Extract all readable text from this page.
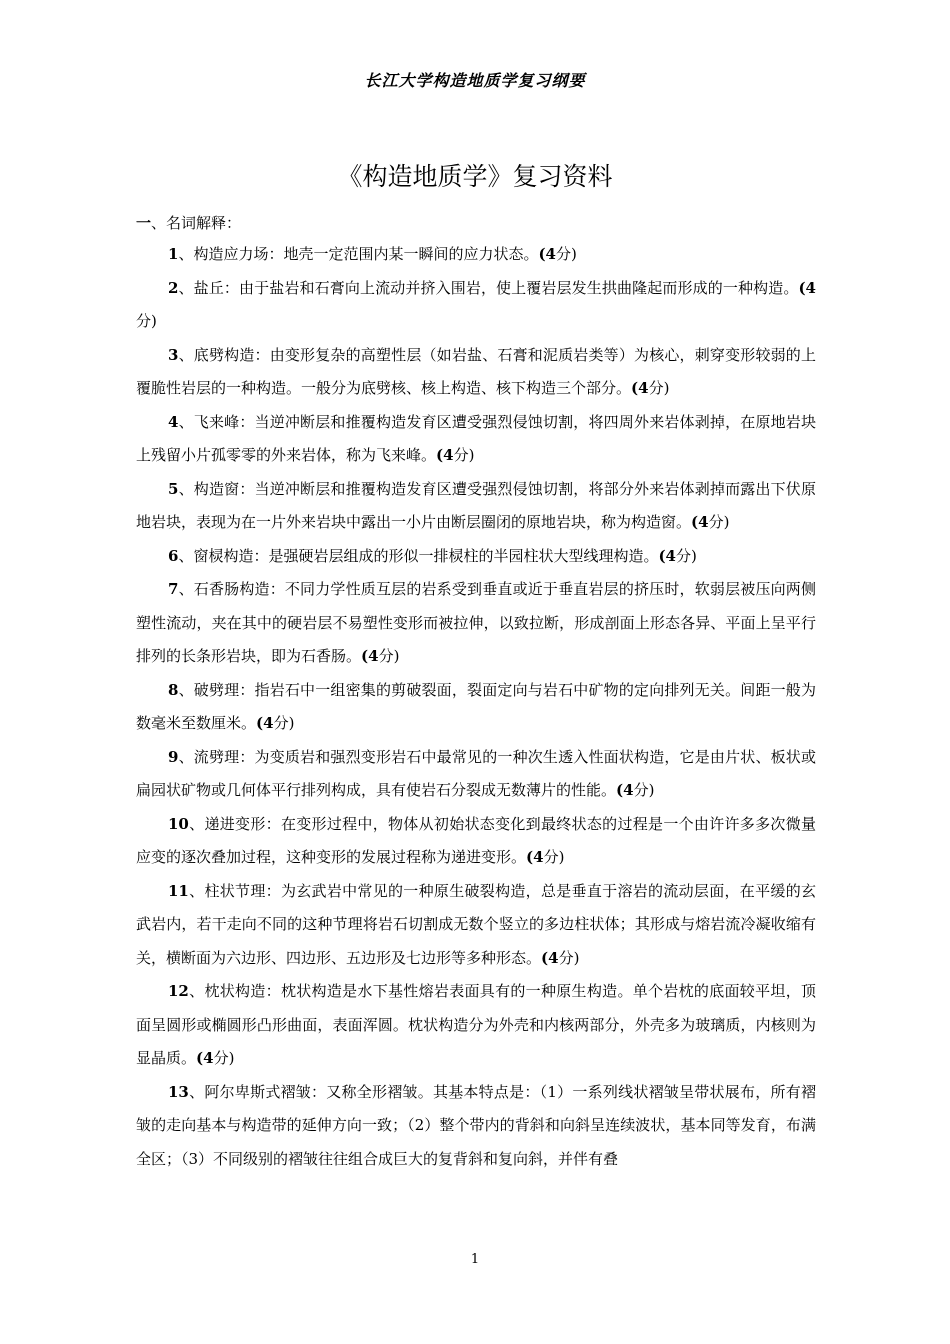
长江大学构造地质学复习纲要
《构造地质学》复习资料
一、名词解释：

1、构造应力场：地壳一定范围内某一瞬间的应力状态。(4分)

2、盐丘：由于盐岩和石膏向上流动并挤入围岩，使上覆岩层发生拱曲隆起而形成的一种构造。(4分)

3、底劈构造：由变形复杂的高塑性层（如岩盐、石膏和泥质岩类等）为核心，刺穿变形较弱的上覆脆性岩层的一种构造。一般分为底劈核、核上构造、核下构造三个部分。(4分)

4、飞来峰：当逆冲断层和推覆构造发育区遭受强烈侵蚀切割，将四周外来岩体剥掉，在原地岩块上残留小片孤零零的外来岩体，称为飞来峰。(4分)

5、构造窗：当逆冲断层和推覆构造发育区遭受强烈侵蚀切割，将部分外来岩体剥掉而露出下伏原地岩块，表现为在一片外来岩块中露出一小片由断层圈闭的原地岩块，称为构造窗。(4分)

6、窗棂构造：是强硬岩层组成的形似一排棂柱的半园柱状大型线理构造。(4分)

7、石香肠构造：不同力学性质互层的岩系受到垂直或近于垂直岩层的挤压时，软弱层被压向两侧塑性流动，夹在其中的硬岩层不易塑性变形而被拉伸，以致拉断，形成剖面上形态各异、平面上呈平行排列的长条形岩块，即为石香肠。(4分)

8、破劈理：指岩石中一组密集的剪破裂面，裂面定向与岩石中矿物的定向排列无关。间距一般为数毫米至数厘米。(4分)

9、流劈理：为变质岩和强烈变形岩石中最常见的一种次生透入性面状构造，它是由片状、板状或扁园状矿物或几何体平行排列构成，具有使岩石分裂成无数薄片的性能。(4分)

10、递进变形：在变形过程中，物体从初始状态变化到最终状态的过程是一个由许许多多次微量应变的逐次叠加过程，这种变形的发展过程称为递进变形。(4分)

11、柱状节理：为玄武岩中常见的一种原生破裂构造，总是垂直于溶岩的流动层面，在平缓的玄武岩内，若干走向不同的这种节理将岩石切割成无数个竖立的多边柱状体；其形成与熔岩流冷凝收缩有关，横断面为六边形、四边形、五边形及七边形等多种形态。(4分)

12、枕状构造：枕状构造是水下基性熔岩表面具有的一种原生构造。单个岩枕的底面较平坦，顶面呈圆形或椭圆形凸形曲面，表面浑圆。枕状构造分为外壳和内核两部分，外壳多为玻璃质，内核则为显晶质。(4分)

13、阿尔卑斯式褶皱：又称全形褶皱。其基本特点是：（1）一系列线状褶皱呈带状展布，所有褶皱的走向基本与构造带的延伸方向一致；（2）整个带内的背斜和向斜呈连续波状，基本同等发育，布满全区；（3）不同级别的褶皱往往组合成巨大的复背斜和复向斜，并伴有叠

1
